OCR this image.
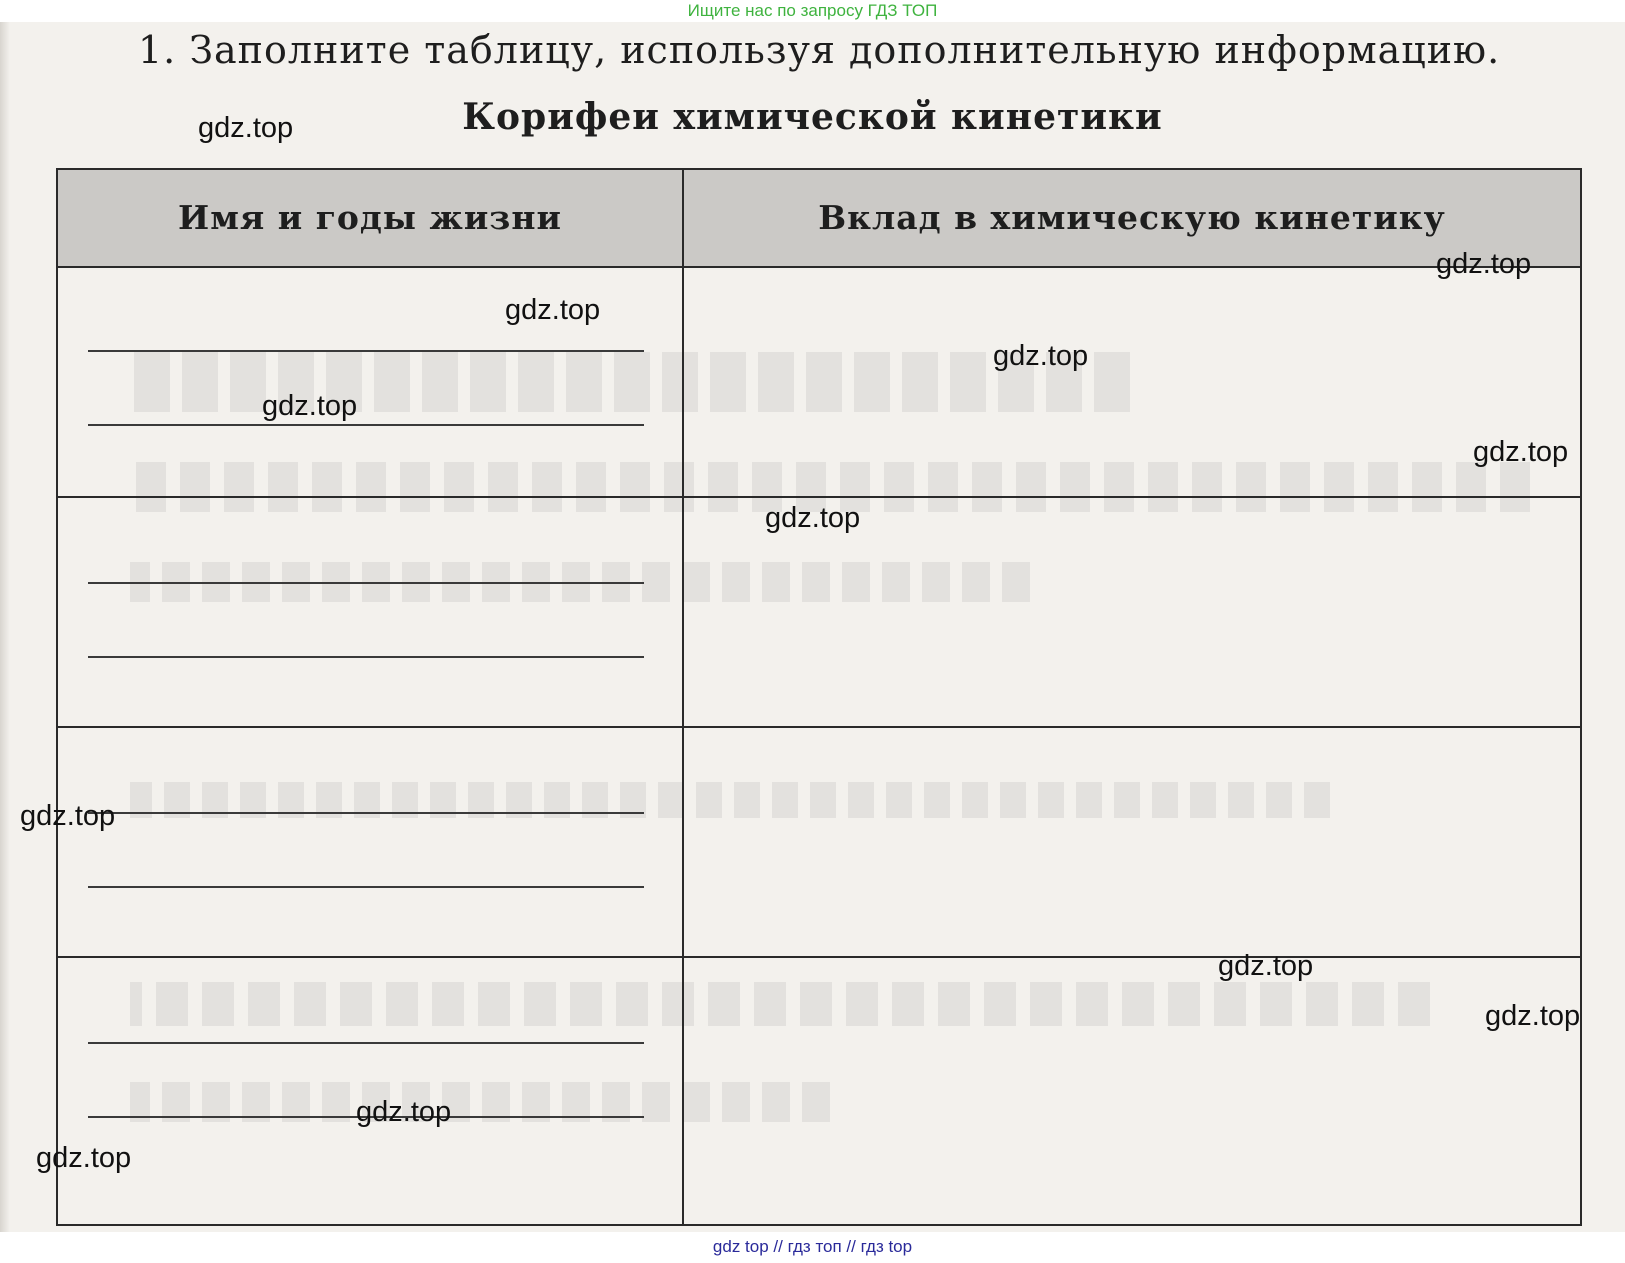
Ищите нас по запросу ГДЗ ТОП
1. Заполните таблицу, используя дополнительную информацию.
Корифеи химической кинетики
Имя и годы жизни	Вклад в химическую кинетику
gdz.top
gdz.top
gdz.top
gdz.top
gdz.top
gdz.top
gdz.top
gdz.top
gdz.top
gdz.top
gdz.top
gdz.top
gdz top // гдз топ // гдз top
